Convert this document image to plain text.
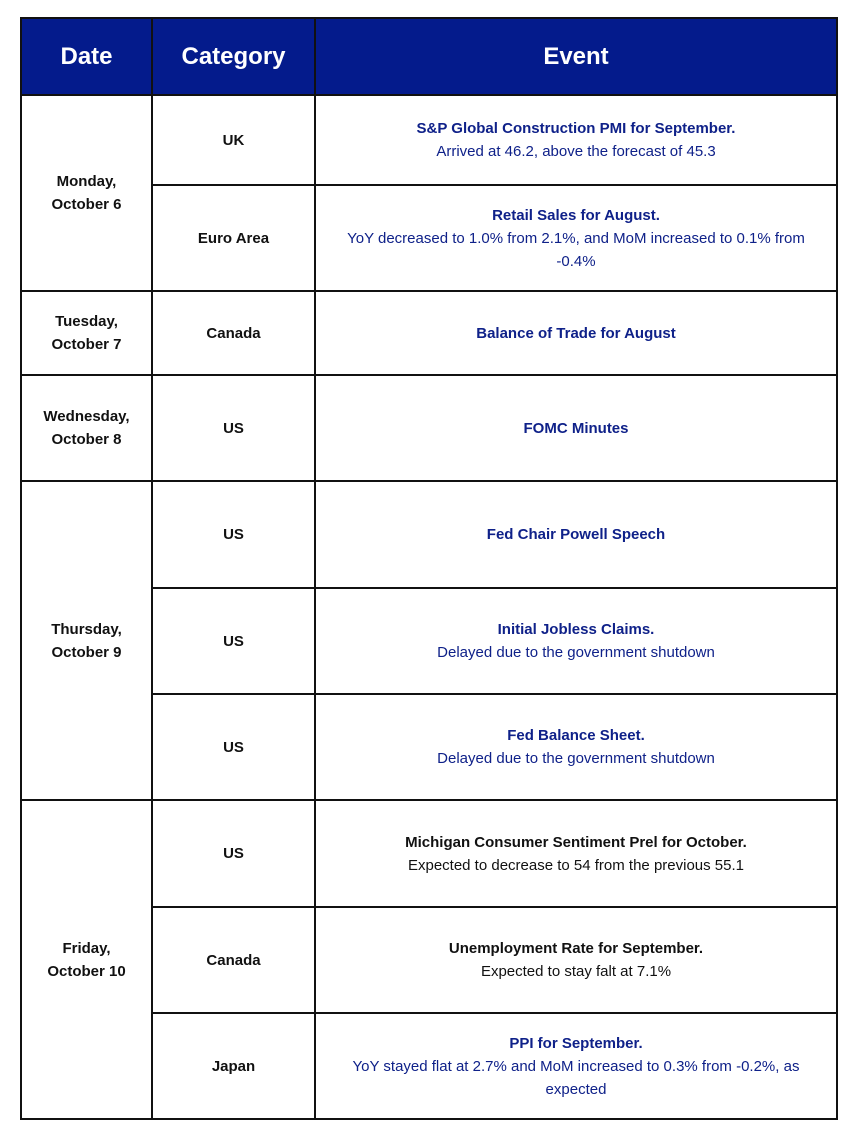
Date	Category	Event

Monday,
October 6	UK	S&P Global Construction PMI for September.
Arrived at 46.2, above the forecast of 45.3

	Euro Area	Retail Sales for August.
YoY decreased to 1.0% from 2.1%, and MoM increased to 0.1% from -0.4%

Tuesday,
October 7	Canada	Balance of Trade for August

Wednesday,
October 8	US	FOMC Minutes

Thursday,
October 9	US	Fed Chair Powell Speech

	US	Initial Jobless Claims.
Delayed due to the government shutdown

	US	Fed Balance Sheet.
Delayed due to the government shutdown

Friday,
October 10	US	Michigan Consumer Sentiment Prel for October.
Expected to decrease to 54 from the previous 55.1

	Canada	Unemployment Rate for September.
Expected to stay falt at 7.1%

	Japan	PPI for September.
YoY stayed flat at 2.7% and MoM increased to 0.3% from -0.2%, as expected
